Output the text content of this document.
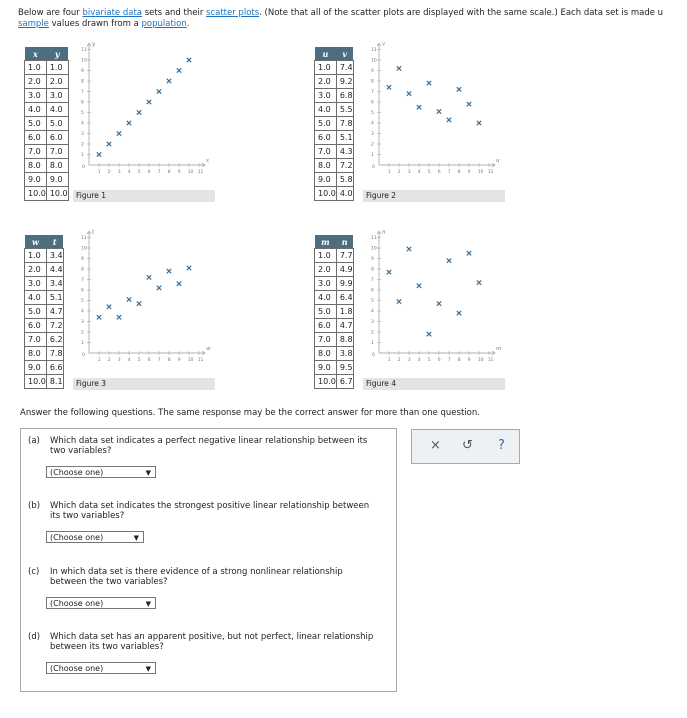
Below are four bivariate data sets and their scatter plots. (Note that all of the scatter plots are displayed with the same scale.) Each data set is made u
sample values drawn from a population.
x	y
1.0	1.0
2.0	2.0
3.0	3.0
4.0	4.0
5.0	5.0
6.0	6.0
7.0	7.0
8.0	8.0
9.0	9.0
10.0	10.0	Figure 1
0
1
1
2
2
3
3
4
4
5
5
6
6
7
7
8
8
9
9
10
10
11
11
x
y
u	v
1.0	7.4
2.0	9.2
3.0	6.8
4.0	5.5
5.0	7.8
6.0	5.1
7.0	4.3
8.0	7.2
9.0	5.8
10.0	4.0	Figure 2
0
1
1
2
2
3
3
4
4
5
5
6
6
7
7
8
8
9
9
10
10
11
11
u
v
w	t
1.0	3.4
2.0	4.4
3.0	3.4
4.0	5.1
5.0	4.7
6.0	7.2
7.0	6.2
8.0	7.8
9.0	6.6
10.0	8.1	Figure 3
0
1
1
2
2
3
3
4
4
5
5
6
6
7
7
8
8
9
9
10
10
11
11
w
t
m	n
1.0	7.7
2.0	4.9
3.0	9.9
4.0	6.4
5.0	1.8
6.0	4.7
7.0	8.8
8.0	3.8
9.0	9.5
10.0	6.7	Figure 4
0
1
1
2
2
3
3
4
4
5
5
6
6
7
7
8
8
9
9
10
10
11
11
m
n
Answer the following questions. The same response may be the correct answer for more than one question.
(a) Which data set indicates a perfect negative linear relationship between its two variables?
(Choose one)	▼
(b) Which data set indicates the strongest positive linear relationship between its two variables?
(Choose one)	▼
(c) In which data set is there evidence of a strong nonlinear relationship between the two variables?
(Choose one)	▼
(d) Which data set has an apparent positive, but not perfect, linear relationship between its two variables?
(Choose one)	▼
× ↺ ?
